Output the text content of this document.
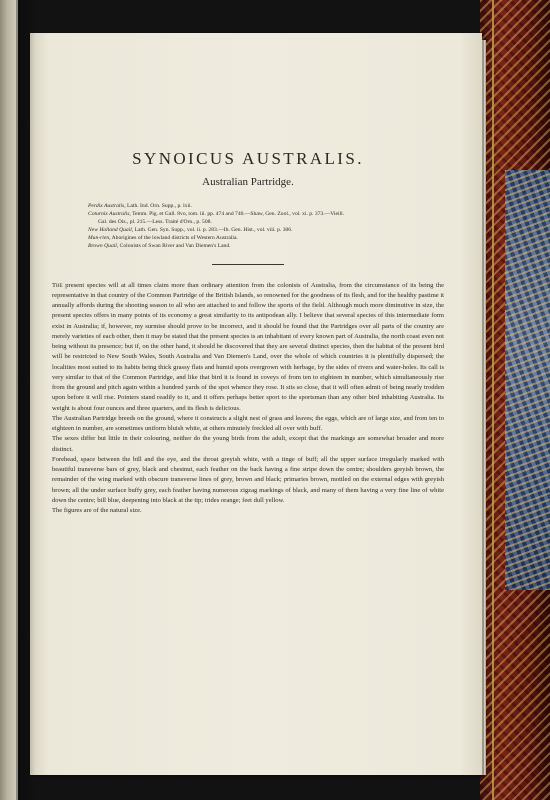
SYNOICUS AUSTRALIS.
Australian Partridge.

Perdix Australis, Lath. Ind. Orn. Supp., p. lxii.

Coturnix Australis, Temm. Pig. et Gall. 8vo, tom. iii. pp. 474 and 740.—Shaw, Gen. Zool., vol. xi. p. 373.—Vieill.

Gal. des Ois., pl. 215.—Less. Traité d'Orn., p. 508.

New Holland Quail, Lath. Gen. Syn. Supp., vol. ii. p. 283.—Ib. Gen. Hist., vol. viii. p. 306.

Mun-rien, Aborigines of the lowland districts of Western Australia.

Brown Quail, Colonists of Swan River and Van Diemen's Land.

The present species will at all times claim more than ordinary attention from the colonists of Australia, from the circumstance of its being the representative in that country of the Common Partridge of the British Islands, so renowned for the goodness of its flesh, and for the healthy pastime it annually affords during the shooting season to all who are attached to and follow the sports of the field. Although much more diminutive in size, the present species offers in many points of its economy a great similarity to its antipodean ally. I believe that several species of this intermediate form exist in Australia; if, however, my surmise should prove to be incorrect, and it should be found that the Partridges over all parts of the country are merely varieties of each other, then it may be stated that the present species is an inhabitant of every known part of Australia, the north coast even not being without its presence; but if, on the other hand, it should be discovered that they are several distinct species, then the habitat of the present bird will be restricted to New South Wales, South Australia and Van Diemen's Land, over the whole of which countries it is plentifully dispersed; the localities most suited to its habits being thick grassy flats and humid spots overgrown with herbage, by the sides of rivers and water-holes. Its call is very similar to that of the Common Partridge, and like that bird it is found in coveys of from ten to eighteen in number, which simultaneously rise from the ground and pitch again within a hundred yards of the spot whence they rose. It sits so close, that it will often admit of being nearly trodden upon before it will rise. Pointers stand readily to it, and it offers perhaps better sport to the sportsman than any other bird inhabiting Australia. Its weight is about four ounces and three quarters, and its flesh is delicious.

The Australian Partridge breeds on the ground, where it constructs a slight nest of grass and leaves; the eggs, which are of large size, and from ten to eighteen in number, are sometimes uniform bluish white, at others minutely freckled all over with buff.

The sexes differ but little in their colouring, neither do the young birds from the adult, except that the markings are somewhat broader and more distinct.

Forehead, space between the bill and the eye, and the throat greyish white, with a tinge of buff; all the upper surface irregularly marked with beautiful transverse bars of grey, black and chestnut, each feather on the back having a fine stripe down the centre; shoulders greyish brown, the remainder of the wing marked with obscure transverse lines of grey, brown and black; primaries brown, mottled on the external edges with greyish brown; all the under surface buffy grey, each feather having numerous zigzag markings of black, and many of them having a very fine line of white down the centre; bill blue, deepening into black at the tip; irides orange; feet dull yellow.

The figures are of the natural size.
